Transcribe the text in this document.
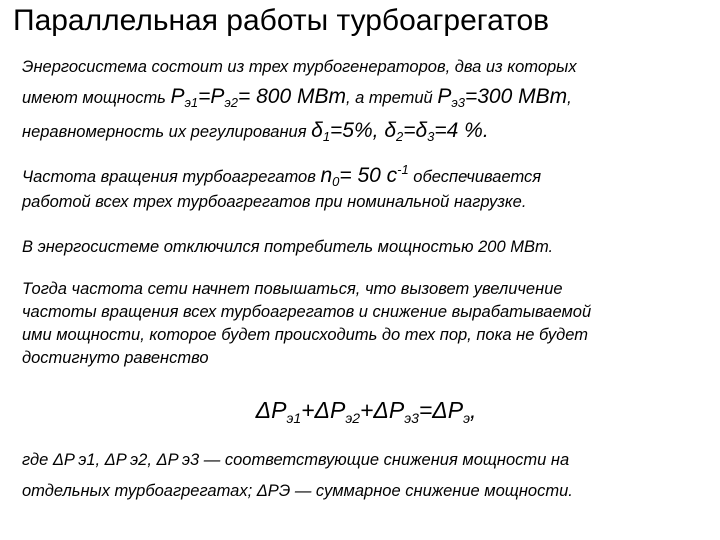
Параллельная работы турбоагрегатов
Энергосистема состоит из трех турбогенераторов, два из которых
имеют мощность $P_{э1}=P_{э2}= 800$ МВт, а третий $P_{э3}=300$ МВт,
неравномерность их регулирования $\delta_1=5\%$, $\delta_2=\delta_3=4$ %.
Частота вращения турбоагрегатов $n_0= 50$ $с^{-1}$ обеспечивается
работой всех трех турбоагрегатов при номинальной нагрузке.
В энергосистеме отключился потребитель мощностью 200 МВт.
Тогда частота сети начнет повышаться, что вызовет увеличение
частоты вращения всех турбоагрегатов и снижение вырабатываемой
ими мощности, которое будет происходить до тех пор, пока не будет
достигнуто равенство
$\Delta P_{э1}+\Delta P_{э2}+\Delta P_{э3}=\Delta P_э$,
где ΔP э1, ΔP э2, ΔP э3 — соответствующие снижения мощности на
отдельных турбоагрегатах; ΔPЭ — суммарное снижение мощности.
